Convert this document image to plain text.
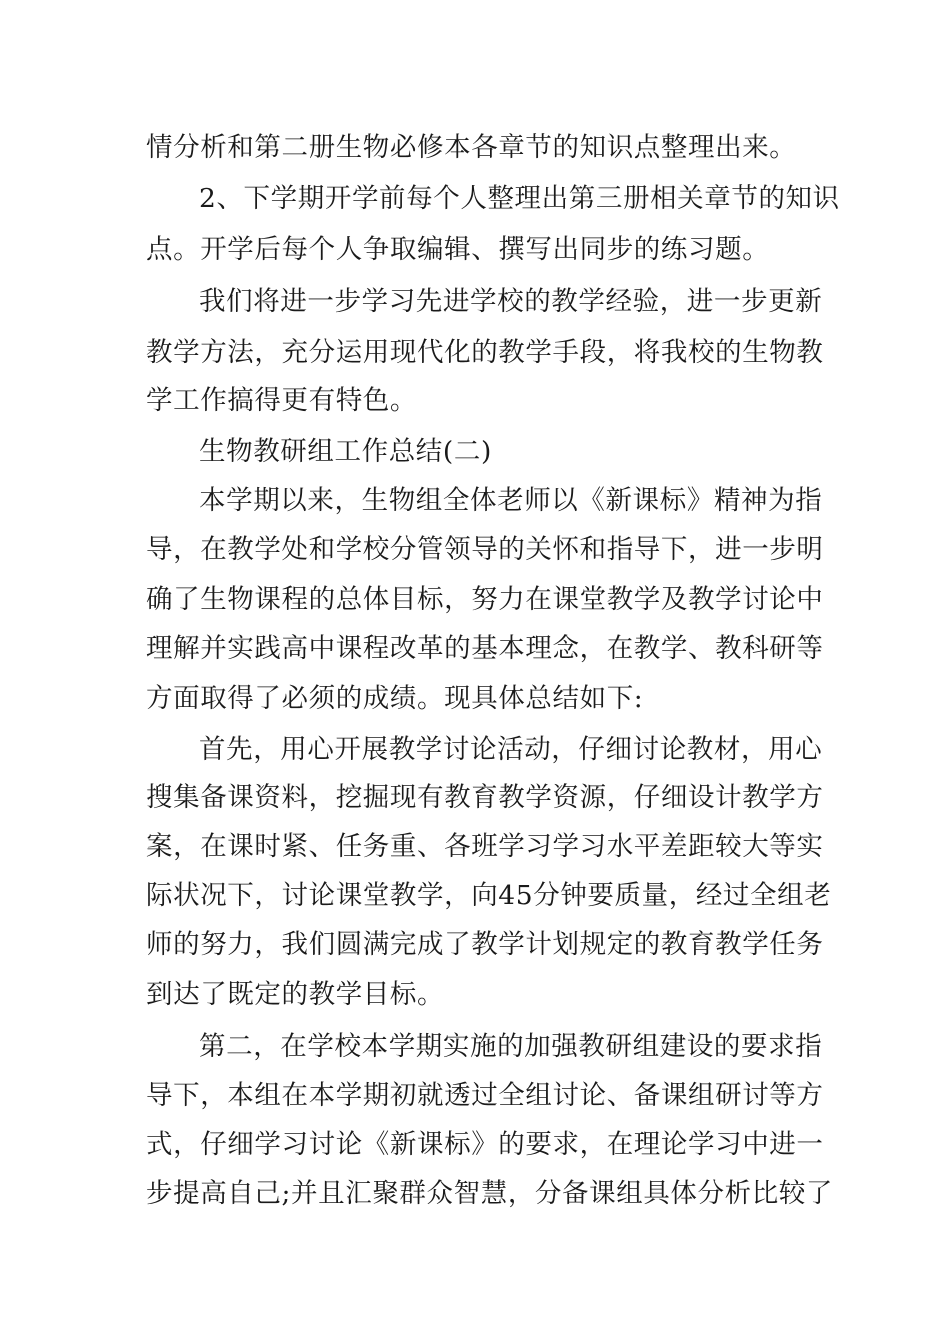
情分析和第二册生物必修本各章节的知识点整理出来。
2、下学期开学前每个人整理出第三册相关章节的知识
点。开学后每个人争取编辑、撰写出同步的练习题。
我们将进一步学习先进学校的教学经验，进一步更新
教学方法，充分运用现代化的教学手段，将我校的生物教
学工作搞得更有特色。
生物教研组工作总结(二)
本学期以来，生物组全体老师以《新课标》精神为指
导，在教学处和学校分管领导的关怀和指导下，进一步明
确了生物课程的总体目标，努力在课堂教学及教学讨论中
理解并实践高中课程改革的基本理念，在教学、教科研等
方面取得了必须的成绩。现具体总结如下:
首先，用心开展教学讨论活动，仔细讨论教材，用心
搜集备课资料，挖掘现有教育教学资源，仔细设计教学方
案，在课时紧、任务重、各班学习学习水平差距较大等实
际状况下，讨论课堂教学，向45分钟要质量，经过全组老
师的努力，我们圆满完成了教学计划规定的教育教学任务
到达了既定的教学目标。
第二，在学校本学期实施的加强教研组建设的要求指
导下，本组在本学期初就透过全组讨论、备课组研讨等方
式，仔细学习讨论《新课标》的要求，在理论学习中进一
步提高自己;并且汇聚群众智慧，分备课组具体分析比较了
